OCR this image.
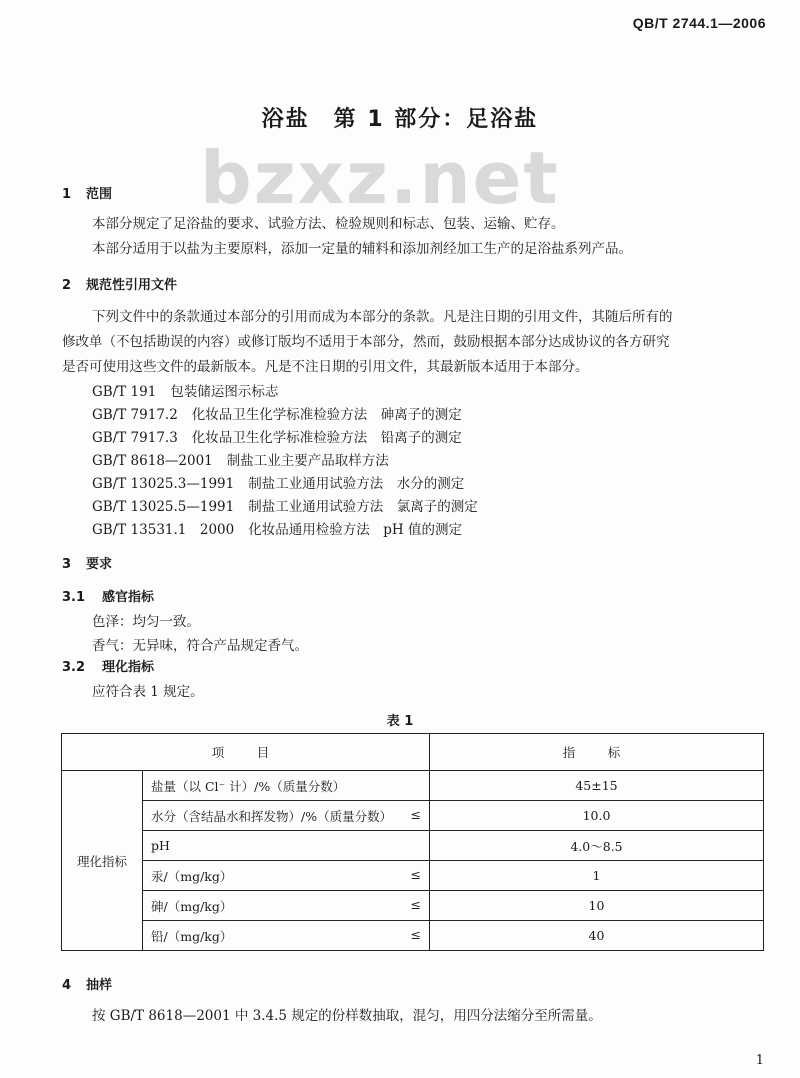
QB/T 2744.1—2006
浴盐　第 1 部分：足浴盐
bzxz.net
1 范围
本部分规定了足浴盐的要求、试验方法、检验规则和标志、包装、运输、贮存。
本部分适用于以盐为主要原料，添加一定量的辅料和添加剂经加工生产的足浴盐系列产品。
2 规范性引用文件
下列文件中的条款通过本部分的引用而成为本部分的条款。凡是注日期的引用文件，其随后所有的
修改单（不包括勘误的内容）或修订版均不适用于本部分，然而，鼓励根据本部分达成协议的各方研究
是否可使用这些文件的最新版本。凡是不注日期的引用文件，其最新版本适用于本部分。
GB/T 191 包装储运图示标志
GB/T 7917.2 化妆品卫生化学标准检验方法　砷离子的测定
GB/T 7917.3 化妆品卫生化学标准检验方法　铅离子的测定
GB/T 8618—2001 制盐工业主要产品取样方法
GB/T 13025.3—1991 制盐工业通用试验方法　水分的测定
GB/T 13025.5—1991 制盐工业通用试验方法　氯离子的测定
GB/T 13531.1　2000 化妆品通用检验方法　pH 值的测定
3 要求
3.1 感官指标
色泽：均匀一致。
香气：无异味，符合产品规定香气。
3.2 理化指标
应符合表 1 规定。
表 1
项　目		指　标
理化指标	盐量（以 Cl⁻ 计）/%（质量分数）	45±15
	水分（含结晶水和挥发物）/%（质量分数） ≤	10.0
	pH	4.0～8.5
	汞/（mg/kg） ≤	1
	砷/（mg/kg） ≤	10
	铅/（mg/kg） ≤	40
4 抽样
按 GB/T 8618—2001 中 3.4.5 规定的份样数抽取，混匀，用四分法缩分至所需量。
1
